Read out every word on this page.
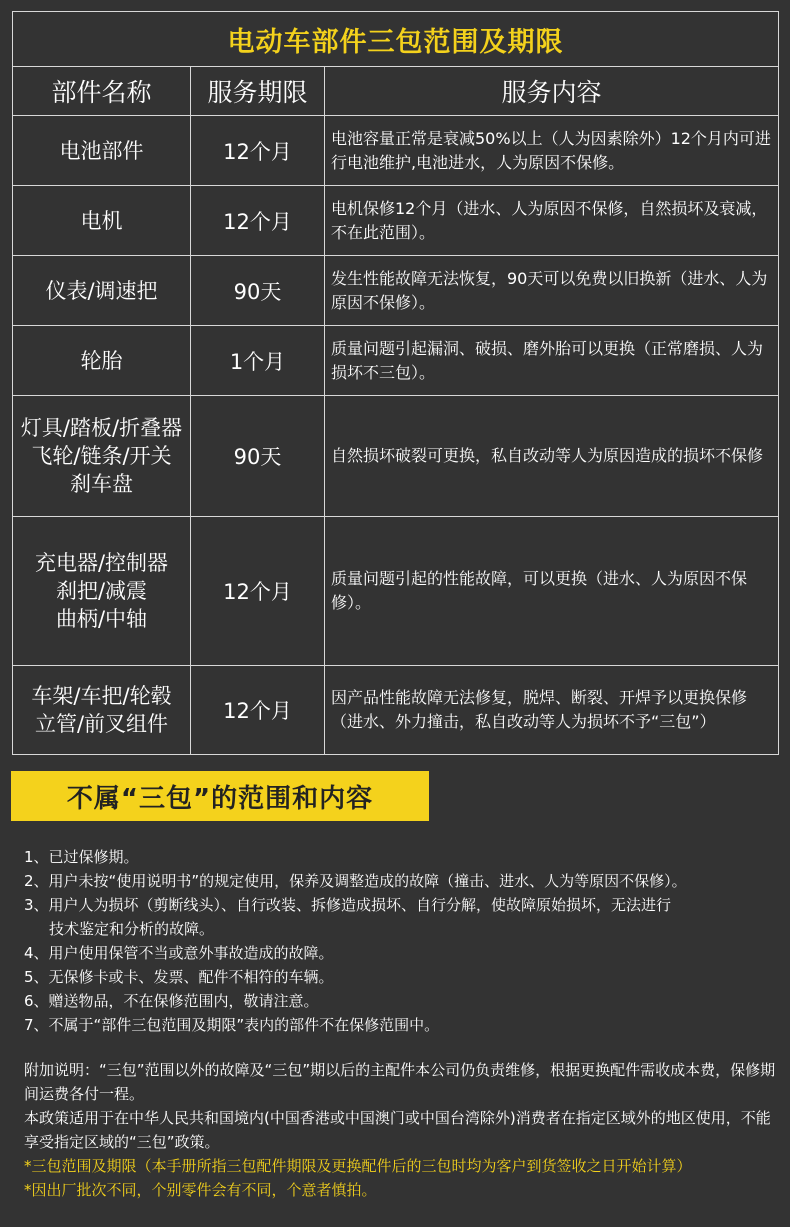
电动车部件三包范围及期限		
部件名称	服务期限	服务内容

电池部件	12个月	电池容量正常是衰减50%以上（人为因素除外）12个月内可进行电池维护,电池进水，人为原因不保修。

电机	12个月	电机保修12个月（进水、人为原因不保修，自然损坏及衰减，不在此范围）。

仪表/调速把	90天	发生性能故障无法恢复，90天可以免费以旧换新（进水、人为原因不保修）。

轮胎	1个月	质量问题引起漏洞、破损、磨外胎可以更换（正常磨损、人为损坏不三包）。

灯具/踏板/折叠器
飞轮/链条/开关
刹车盘	90天	自然损坏破裂可更换，私自改动等人为原因造成的损坏不保修

充电器/控制器
刹把/减震
曲柄/中轴	12个月	质量问题引起的性能故障，可以更换（进水、人为原因不保修）。

车架/车把/轮毂
立管/前叉组件	12个月	因产品性能故障无法修复，脱焊、断裂、开焊予以更换保修（进水、外力撞击，私自改动等人为损坏不予“三包”）
不属“三包”的范围和内容
1、已过保修期。
2、用户未按“使用说明书”的规定使用，保养及调整造成的故障（撞击、进水、人为等原因不保修）。
3、用户人为损坏（剪断线头）、自行改装、拆修造成损坏、自行分解，使故障原始损坏，无法进行
技术鉴定和分析的故障。
4、用户使用保管不当或意外事故造成的故障。
5、无保修卡或卡、发票、配件不相符的车辆。
6、赠送物品，不在保修范围内，敬请注意。
7、不属于“部件三包范围及期限”表内的部件不在保修范围中。
附加说明：“三包”范围以外的故障及“三包”期以后的主配件本公司仍负责维修，根据更换配件需收成本费，保修期间运费各付一程。
本政策适用于在中华人民共和国境内(中国香港或中国澳门或中国台湾除外)消费者在指定区域外的地区使用，不能享受指定区域的“三包”政策。
*三包范围及期限（本手册所指三包配件期限及更换配件后的三包时均为客户到货签收之日开始计算）
*因出厂批次不同，个别零件会有不同，个意者慎拍。
